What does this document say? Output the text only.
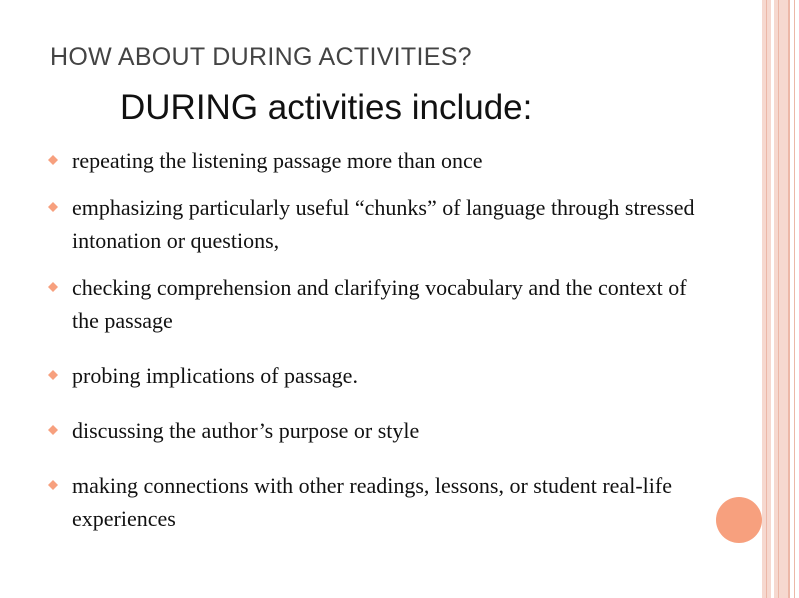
HOW ABOUT DURING ACTIVITIES?
DURING activities include:
repeating the listening passage more than once
emphasizing particularly useful “chunks” of language through stressed intonation or questions,
checking comprehension and clarifying vocabulary and the context of the passage
probing implications of passage.
discussing the author’s purpose or style
making connections with other readings, lessons, or student real-life experiences
